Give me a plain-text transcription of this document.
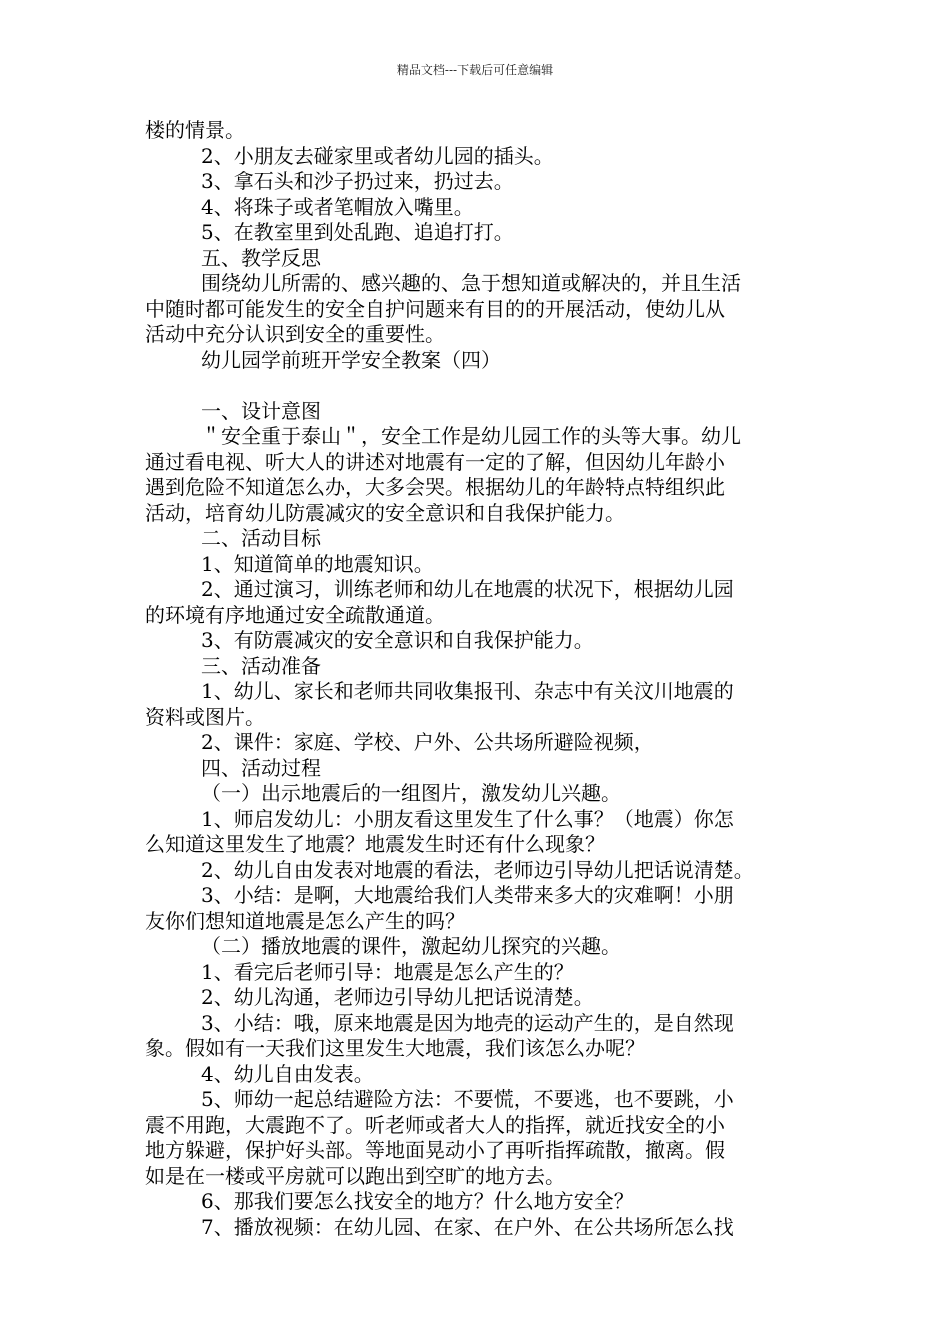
精品文档---下载后可任意编辑
楼的情景。
2、小朋友去碰家里或者幼儿园的插头。
3、拿石头和沙子扔过来，扔过去。
4、将珠子或者笔帽放入嘴里。
5、在教室里到处乱跑、追追打打。
五、教学反思
围绕幼儿所需的、感兴趣的、急于想知道或解决的，并且生活
中随时都可能发生的安全自护问题来有目的的开展活动，使幼儿从
活动中充分认识到安全的重要性。
幼儿园学前班开学安全教案（四）
一、设计意图
＂安全重于泰山＂，安全工作是幼儿园工作的头等大事。幼儿
通过看电视、听大人的讲述对地震有一定的了解，但因幼儿年龄小
遇到危险不知道怎么办，大多会哭。根据幼儿的年龄特点特组织此
活动，培育幼儿防震减灾的安全意识和自我保护能力。
二、活动目标
1、知道简单的地震知识。
2、通过演习，训练老师和幼儿在地震的状况下，根据幼儿园
的环境有序地通过安全疏散通道。
3、有防震减灾的安全意识和自我保护能力。
三、活动准备
1、幼儿、家长和老师共同收集报刊、杂志中有关汶川地震的
资料或图片。
2、课件：家庭、学校、户外、公共场所避险视频，
四、活动过程
（一）出示地震后的一组图片，激发幼儿兴趣。
1、师启发幼儿：小朋友看这里发生了什么事？（地震）你怎
么知道这里发生了地震？地震发生时还有什么现象？
2、幼儿自由发表对地震的看法，老师边引导幼儿把话说清楚。
3、小结：是啊，大地震给我们人类带来多大的灾难啊！小朋
友你们想知道地震是怎么产生的吗？
（二）播放地震的课件，激起幼儿探究的兴趣。
1、看完后老师引导：地震是怎么产生的？
2、幼儿沟通，老师边引导幼儿把话说清楚。
3、小结：哦，原来地震是因为地壳的运动产生的，是自然现
象。假如有一天我们这里发生大地震，我们该怎么办呢？
4、幼儿自由发表。
5、师幼一起总结避险方法：不要慌，不要逃，也不要跳，小
震不用跑，大震跑不了。听老师或者大人的指挥，就近找安全的小
地方躲避，保护好头部。等地面晃动小了再听指挥疏散，撤离。假
如是在一楼或平房就可以跑出到空旷的地方去。
6、那我们要怎么找安全的地方？什么地方安全？
7、播放视频：在幼儿园、在家、在户外、在公共场所怎么找
